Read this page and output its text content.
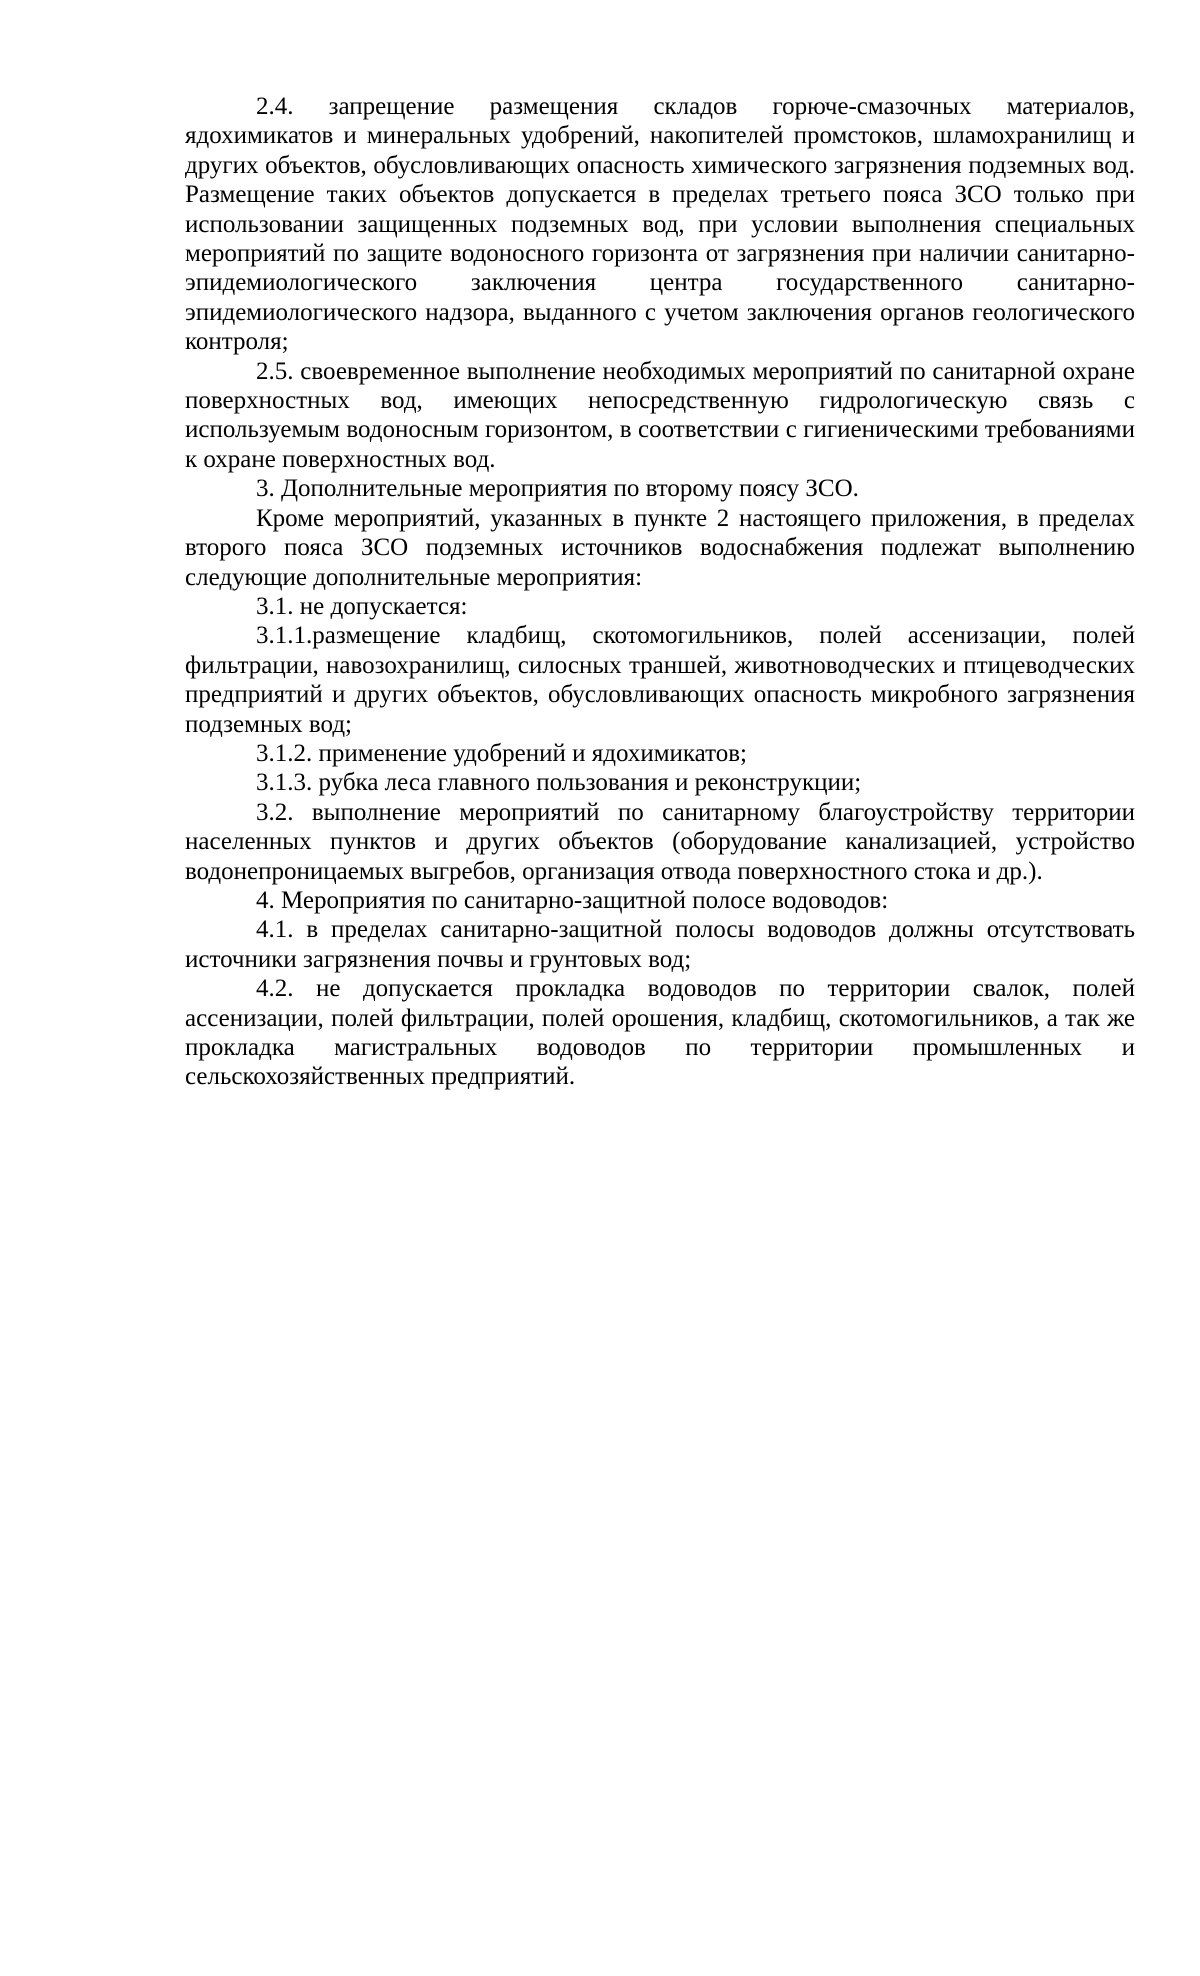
2.4. запрещение размещения складов горюче-смазочных материалов, ядохимикатов и минеральных удобрений, накопителей промстоков, шламохранилищ и других объектов, обусловливающих опасность химического загрязнения подземных вод. Размещение таких объектов допускается в пределах третьего пояса ЗСО только при использовании защищенных подземных вод, при условии выполнения специальных мероприятий по защите водоносного горизонта от загрязнения при наличии санитарно-эпидемиологического заключения центра государственного санитарно-эпидемиологического надзора, выданного с учетом заключения органов геологического контроля;

2.5. своевременное выполнение необходимых мероприятий по санитарной охране поверхностных вод, имеющих непосредственную гидрологическую связь с используемым водоносным горизонтом, в соответствии с гигиеническими требованиями к охране поверхностных вод.

3. Дополнительные мероприятия по второму поясу ЗСО.

Кроме мероприятий, указанных в пункте 2 настоящего приложения, в пределах второго пояса ЗСО подземных источников водоснабжения подлежат выполнению следующие дополнительные мероприятия:

3.1. не допускается:

3.1.1.размещение кладбищ, скотомогильников, полей ассенизации, полей фильтрации, навозохранилищ, силосных траншей, животноводческих и птицеводческих предприятий и других объектов, обусловливающих опасность микробного загрязнения подземных вод;

3.1.2. применение удобрений и ядохимикатов;

3.1.3. рубка леса главного пользования и реконструкции;

3.2. выполнение мероприятий по санитарному благоустройству территории населенных пунктов и других объектов (оборудование канализацией, устройство водонепроницаемых выгребов, организация отвода поверхностного стока и др.).

4. Мероприятия по санитарно-защитной полосе водоводов:

4.1. в пределах санитарно-защитной полосы водоводов должны отсутствовать источники загрязнения почвы и грунтовых вод;

4.2. не допускается прокладка водоводов по территории свалок, полей ассенизации, полей фильтрации, полей орошения, кладбищ, скотомогильников, а так же прокладка магистральных водоводов по территории промышленных и сельскохозяйственных предприятий.
